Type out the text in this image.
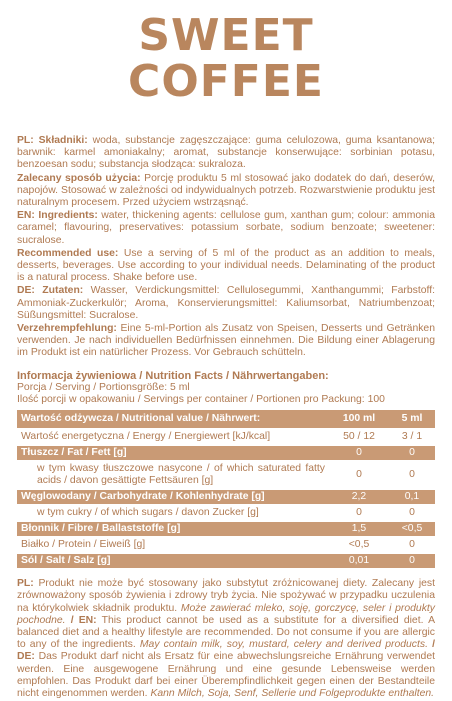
SWEET
COFFEE

PL: Składniki: woda, substancje zagęszczające: guma celulozowa, guma ksantanowa; barwnik: karmel amoniakalny; aromat, substancje konserwujące: sorbinian potasu, benzoesan sodu; substancja słodząca: sukraloza.

Zalecany sposób użycia: Porcję produktu 5 ml stosować jako dodatek do dań, deserów, napojów. Stosować w zależności od indywidualnych potrzeb. Rozwarstwienie produktu jest naturalnym procesem. Przed użyciem wstrząsnąć.

EN: Ingredients: water, thickening agents: cellulose gum, xanthan gum; colour: ammonia caramel; flavouring, preservatives: potassium sorbate, sodium benzoate; sweetener: sucralose.

Recommended use: Use a serving of 5 ml of the product as an addition to meals, desserts, beverages. Use according to your individual needs. Delaminating of the product is a natural process. Shake before use.

DE: Zutaten: Wasser, Verdickungsmittel: Cellulosegummi, Xanthangummi; Farbstoff: Ammoniak-Zuckerkulör; Aroma, Konservierungsmittel: Kaliumsorbat, Natriumbenzoat; Süßungsmittel: Sucralose.

Verzehrempfehlung: Eine 5-ml-Portion als Zusatz von Speisen, Desserts und Getränken verwenden. Je nach individuellen Bedürfnissen einnehmen. Die Bildung einer Ablagerung im Produkt ist ein natürlicher Prozess. Vor Gebrauch schütteln.

Informacja żywieniowa / Nutrition Facts / Nährwertangaben:
Porcja / Serving / Portionsgröße: 5 ml
Ilość porcji w opakowaniu / Servings per container / Portionen pro Packung: 100
Wartość odżywcza / Nutritional value / Nährwert:	100 ml	5 ml
Wartość energetyczna / Energy / Energiewert [kJ/kcal]	50 / 12	3 / 1
Tłuszcz / Fat / Fett [g]	0	0
w tym kwasy tłuszczowe nasycone / of which saturated fatty acids / davon gesättigte Fettsäuren [g]	0	0
Węglowodany / Carbohydrate / Kohlenhydrate [g]	2,2	0,1
w tym cukry / of which sugars / davon Zucker [g]	0	0
Błonnik / Fibre / Ballaststoffe [g]	1,5	<0,5
Białko / Protein / Eiweiß [g]	<0,5	0
Sól / Salt / Salz [g]	0,01	0

PL: Produkt nie może być stosowany jako substytut zróżnicowanej diety. Zalecany jest zrównoważony sposób żywienia i zdrowy tryb życia. Nie spożywać w przypadku uczulenia na którykolwiek składnik produktu. Może zawierać mleko, soję, gorczycę, seler i produkty pochodne. / EN: This product cannot be used as a substitute for a diversified diet. A balanced diet and a healthy lifestyle are recommended. Do not consume if you are allergic to any of the ingredients. May contain milk, soy, mustard, celery and derived products. / DE: Das Produkt darf nicht als Ersatz für eine abwechslungsreiche Ernährung verwendet werden. Eine ausgewogene Ernährung und eine gesunde Lebensweise werden empfohlen. Das Produkt darf bei einer Überempfindlichkeit gegen einen der Bestandteile nicht eingenommen werden. Kann Milch, Soja, Senf, Sellerie und Folgeprodukte enthalten.
